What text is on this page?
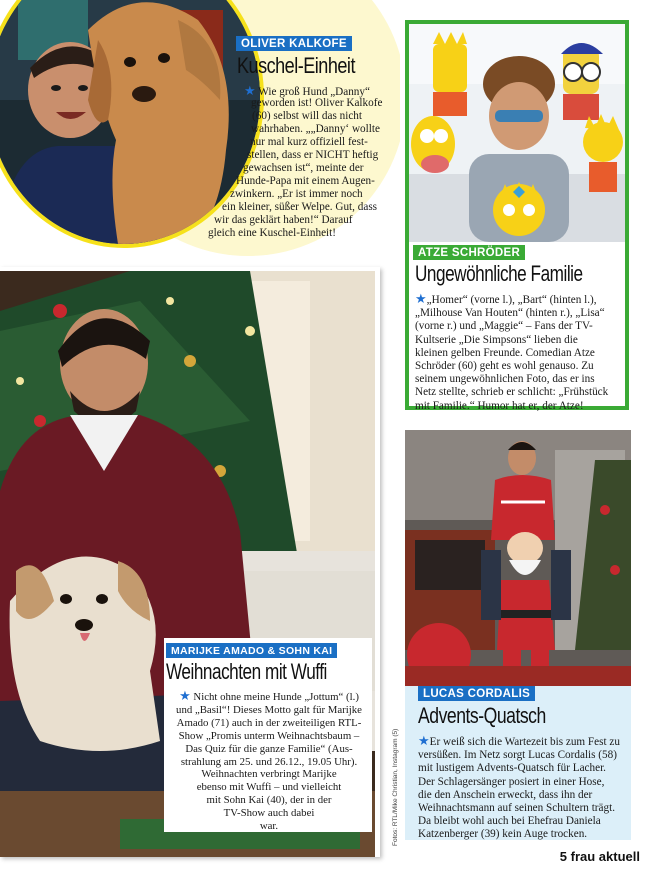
OLIVER KALKOFE
Kuschel-Einheit
★ Wie groß Hund „Danny“
geworden ist! Oliver Kalkofe
(60) selbst will das nicht
wahrhaben. „„Danny‘ wollte
nur mal kurz offiziell fest-
stellen, dass er NICHT heftig
gewachsen ist“, meinte der
Hunde-Papa mit einem Augen-
zwinkern. „Er ist immer noch
ein kleiner, süßer Welpe. Gut, dass
wir das geklärt haben!“ Darauf
gleich eine Kuschel-Einheit!
ATZE SCHRÖDER
Ungewöhnliche Familie
★„Homer“ (vorne l.), „Bart“ (hinten l.),
„Milhouse Van Houten“ (hinten r.), „Lisa“
(vorne r.) und „Maggie“ – Fans der TV-
Kultserie „Die Simpsons“ lieben die
kleinen gelben Freunde. Comedian Atze
Schröder (60) geht es wohl genauso. Zu
seinem ungewöhnlichen Foto, das er ins
Netz stellte, schrieb er schlicht: „Frühstück
mit Familie.“ Humor hat er, der Atze!
MARIJKE AMADO & SOHN KAI
Weihnachten mit Wuffi
★ Nicht ohne meine Hunde „Jottum“ (l.)
und „Basil“! Dieses Motto galt für Marijke
Amado (71) auch in der zweiteiligen RTL-
Show „Promis unterm Weihnachtsbaum –
Das Quiz für die ganze Familie“ (Aus-
strahlung am 25. und 26.12., 19.05 Uhr).
Weihnachten verbringt Marijke
ebenso mit Wuffi – und vielleicht
mit Sohn Kai (40), der in der
TV-Show auch dabei
war.	Fotos: RTL/Mike Christian, Instagram (5)
LUCAS CORDALIS
Advents-Quatsch
★Er weiß sich die Wartezeit bis zum Fest zu
versüßen. Im Netz sorgt Lucas Cordalis (58)
mit lustigem Advents-Quatsch für Lacher.
Der Schlagersänger posiert in einer Hose,
die den Anschein erweckt, dass ihn der
Weihnachtsmann auf seinen Schultern trägt.
Da bleibt wohl auch bei Ehefrau Daniela
Katzenberger (39) kein Auge trocken.
5 frau aktuell
